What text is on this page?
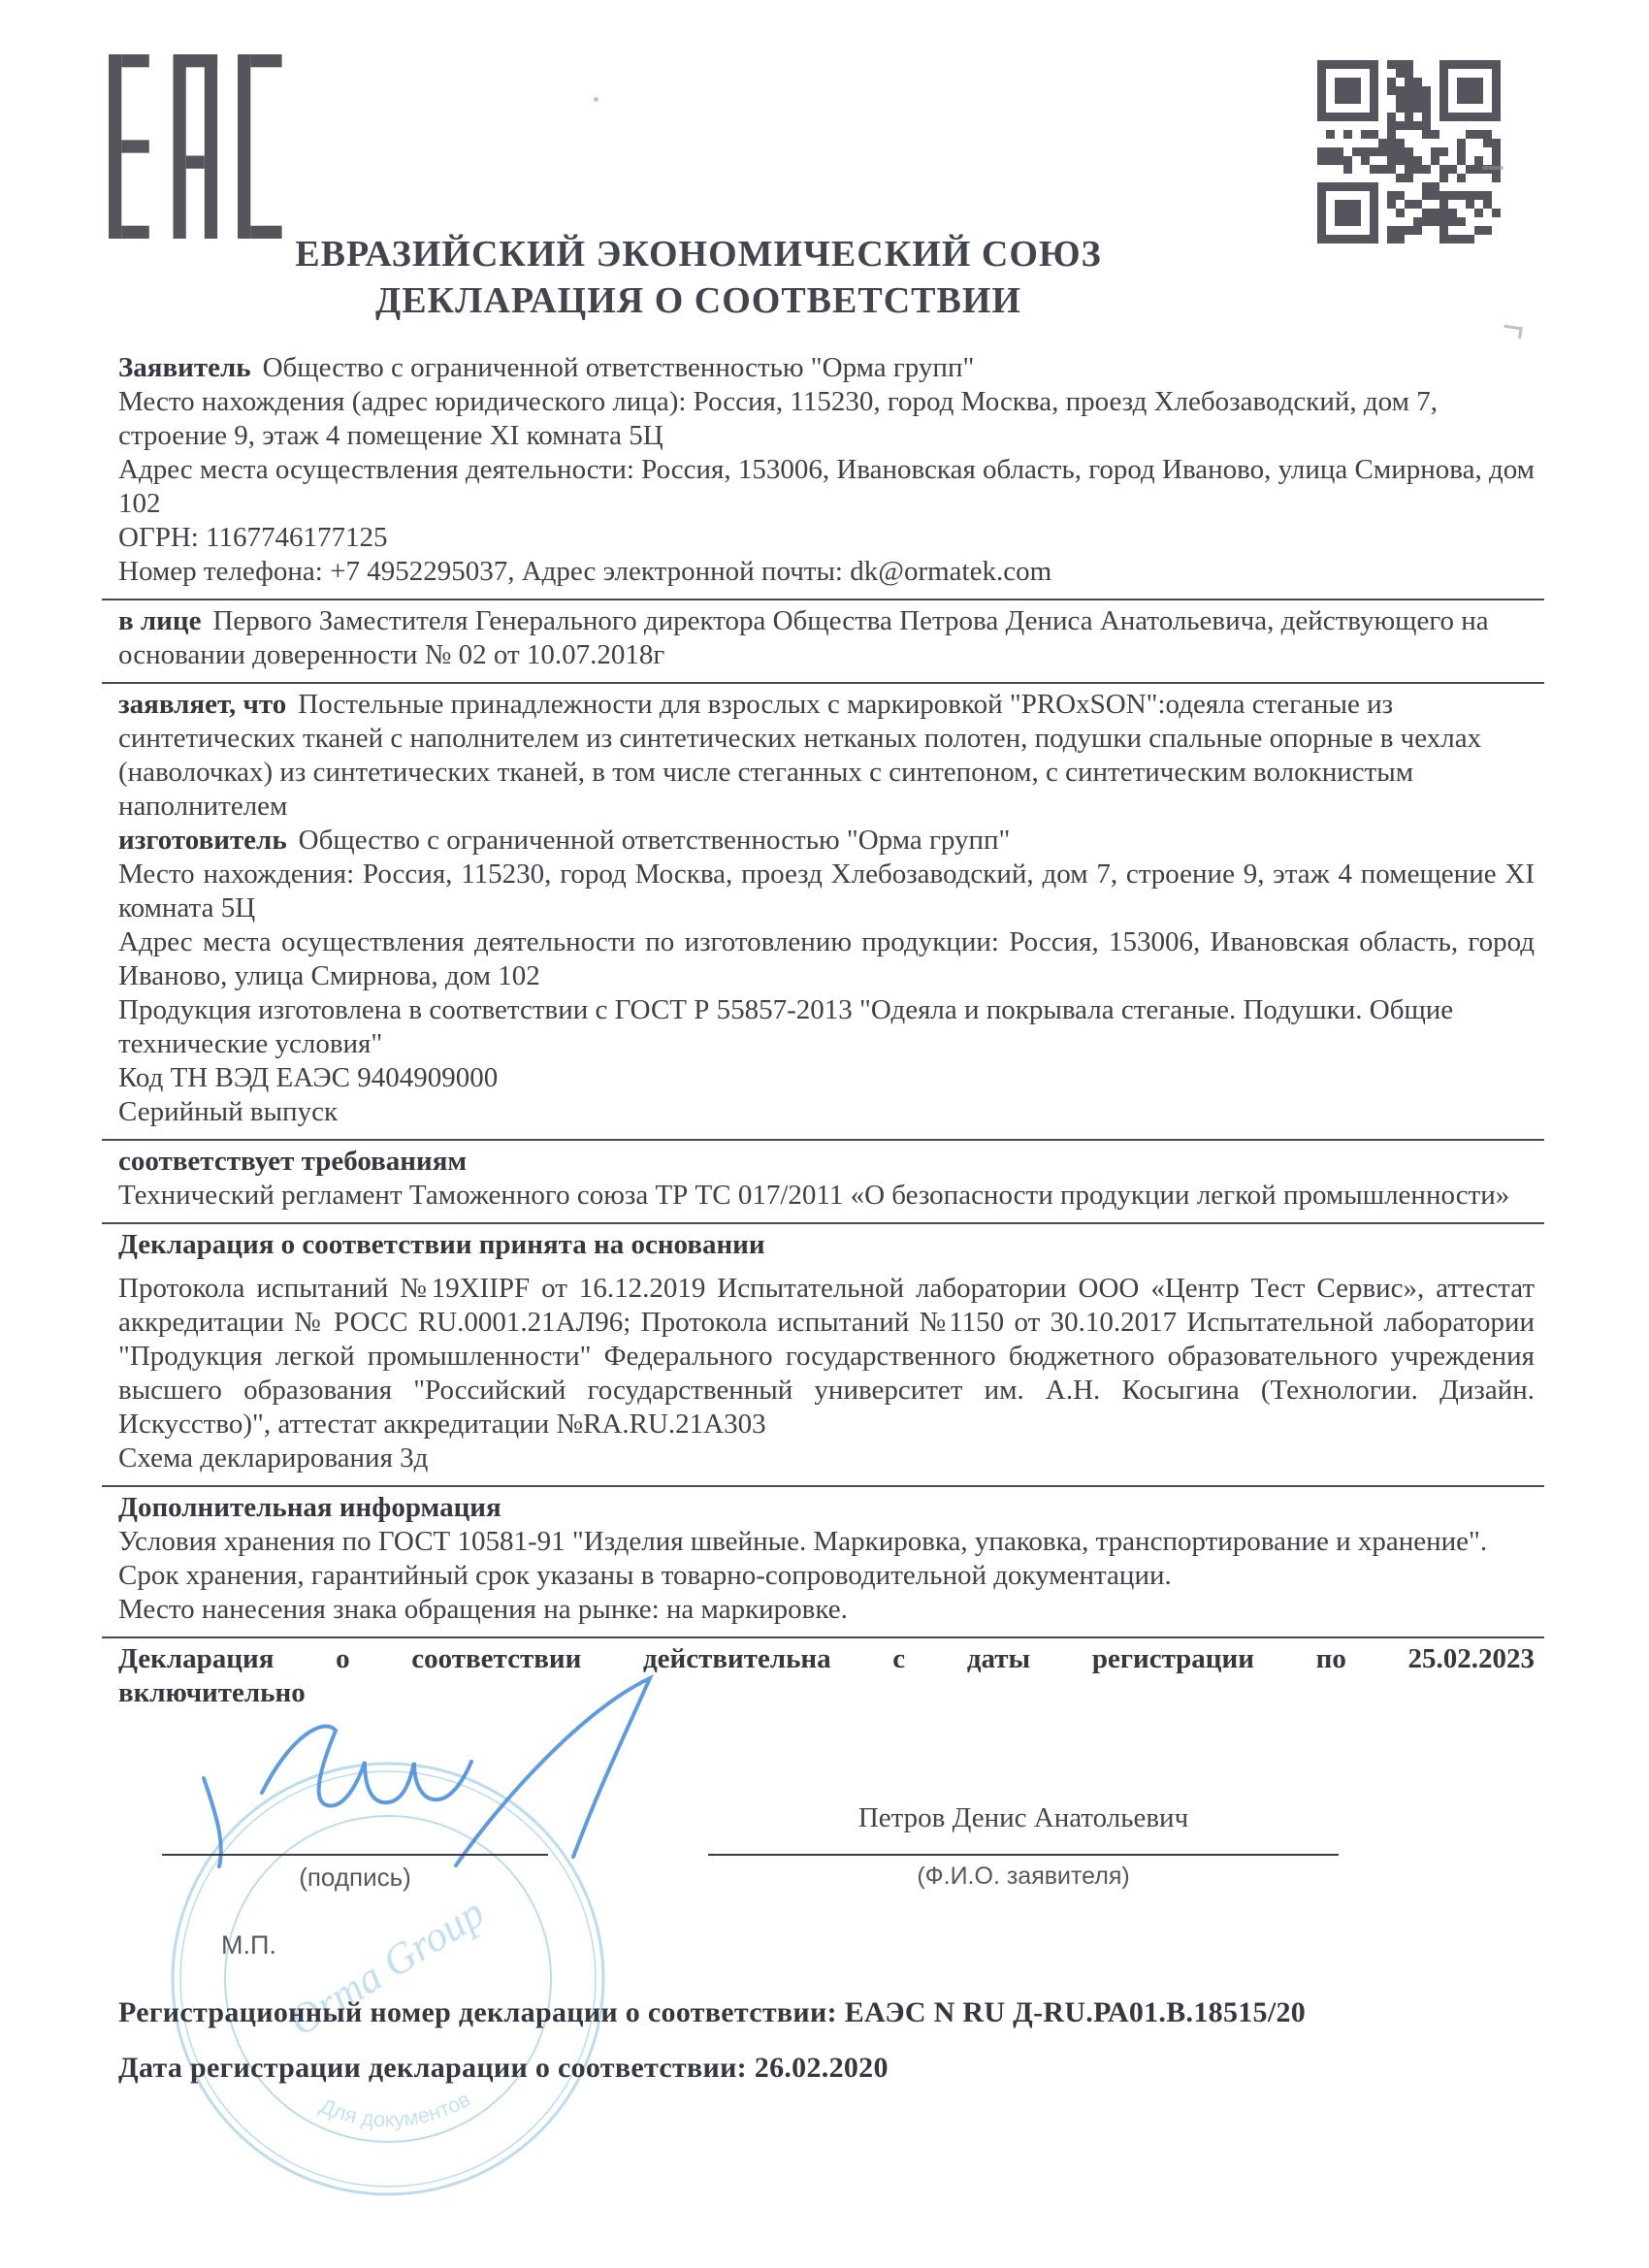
ЕВРАЗИЙСКИЙ ЭКОНОМИЧЕСКИЙ СОЮЗ
ДЕКЛАРАЦИЯ О СООТВЕТСТВИИ

Заявитель Общество с ограниченной ответственностью "Орма групп"

Место нахождения (адрес юридического лица): Россия, 115230, город Москва, проезд Хлебозаводский, дом 7, строение 9, этаж 4 помещение XI комната 5Ц

Адрес места осуществления деятельности: Россия, 153006, Ивановская область, город Иваново, улица Смирнова, дом 102

ОГРН: 1167746177125

Номер телефона: +7 4952295037, Адрес электронной почты: dk@ormatek.com

в лице Первого Заместителя Генерального директора Общества Петрова Дениса Анатольевича, действующего на основании доверенности № 02 от 10.07.2018г

заявляет, что Постельные принадлежности для взрослых с маркировкой "PROxSON":одеяла стеганые из синтетических тканей с наполнителем из синтетических нетканых полотен, подушки спальные опорные в чехлах (наволочках) из синтетических тканей, в том числе стеганных с синтепоном, с синтетическим волокнистым наполнителем

изготовитель Общество с ограниченной ответственностью "Орма групп"

Место нахождения: Россия, 115230, город Москва, проезд Хлебозаводский, дом 7, строение 9, этаж 4 помещение XI комната 5Ц

Адрес места осуществления деятельности по изготовлению продукции: Россия, 153006, Ивановская область, город Иваново, улица Смирнова, дом 102

Продукция изготовлена в соответствии с ГОСТ Р 55857-2013 "Одеяла и покрывала стеганые. Подушки. Общие технические условия"

Код ТН ВЭД ЕАЭС 9404909000

Серийный выпуск

соответствует требованиям

Технический регламент Таможенного союза ТР ТС 017/2011 «О безопасности продукции легкой промышленности»

Декларация о соответствии принята на основании

Протокола испытаний №19XIIPF от 16.12.2019 Испытательной лаборатории ООО «Центр Тест Сервис», аттестат аккредитации № РОСС RU.0001.21АЛ96; Протокола испытаний №1150 от 30.10.2017 Испытательной лаборатории "Продукция легкой промышленности" Федерального государственного бюджетного образовательного учреждения высшего образования "Российский государственный университет им. А.Н. Косыгина (Технологии. Дизайн. Искусство)", аттестат аккредитации №RA.RU.21А303

Схема декларирования 3д

Дополнительная информация

Условия хранения по ГОСТ 10581-91 "Изделия швейные. Маркировка, упаковка, транспортирование и хранение". Срок хранения, гарантийный срок указаны в товарно-сопроводительной документации.

Место нанесения знака обращения на рынке: на маркировке.

Декларация о соответствии действительна с даты регистрации по 25.02.2023

включительно

Orma Group
Для документов
(подпись)
Петров Денис Анатольевич
(Ф.И.О. заявителя)
М.П.
Регистрационный номер декларации о соответствии: ЕАЭС N RU Д-RU.РА01.В.18515/20
Дата регистрации декларации о соответствии: 26.02.2020
